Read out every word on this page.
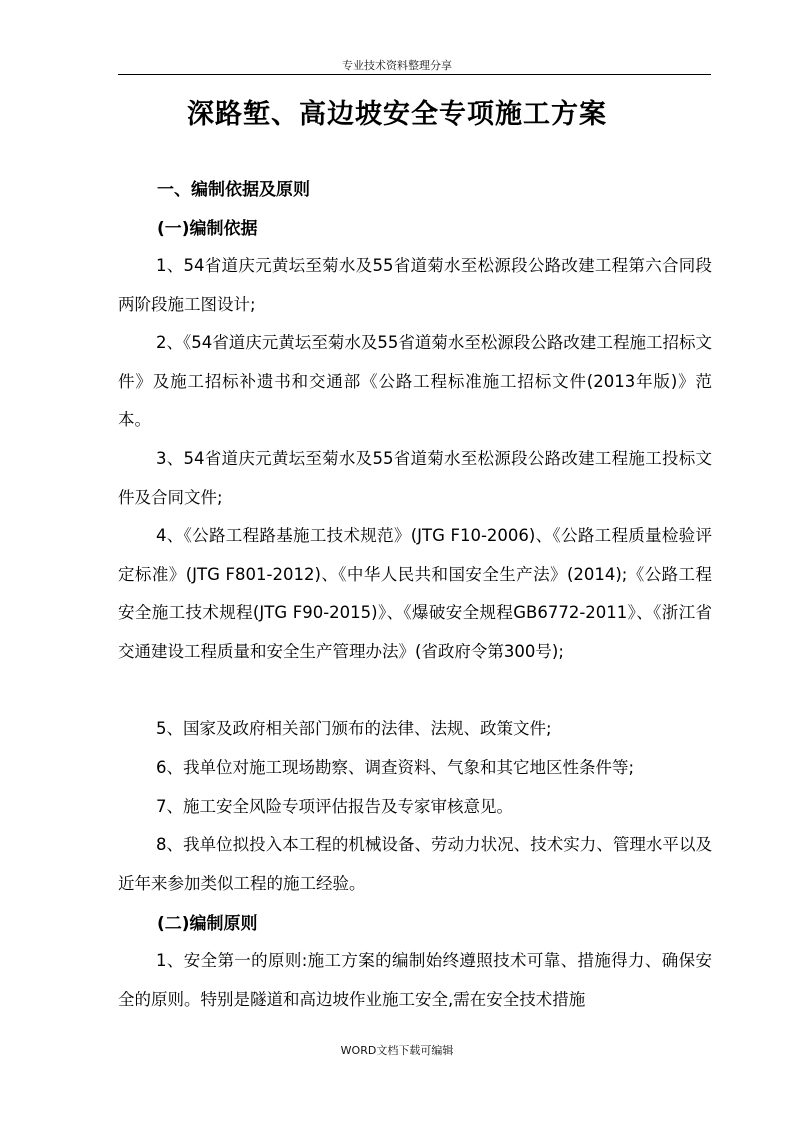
专业技术资料整理分享
深路堑、高边坡安全专项施工方案
一、编制依据及原则
(一)编制依据
1、54省道庆元黄坛至菊水及55省道菊水至松源段公路改建工程第六合同段两阶段施工图设计;
2、《54省道庆元黄坛至菊水及55省道菊水至松源段公路改建工程施工招标文件》及施工招标补遗书和交通部《公路工程标准施工招标文件(2013年版)》范本。
3、54省道庆元黄坛至菊水及55省道菊水至松源段公路改建工程施工投标文件及合同文件;
4、《公路工程路基施工技术规范》(JTG F10-2006)、《公路工程质量检验评定标准》(JTG F801-2012)、《中华人民共和国安全生产法》(2014);《公路工程安全施工技术规程(JTG F90-2015)》、《爆破安全规程GB6772-2011》、《浙江省交通建设工程质量和安全生产管理办法》(省政府令第300号);
5、国家及政府相关部门颁布的法律、法规、政策文件;
6、我单位对施工现场勘察、调查资料、气象和其它地区性条件等;
7、施工安全风险专项评估报告及专家审核意见。
8、我单位拟投入本工程的机械设备、劳动力状况、技术实力、管理水平以及近年来参加类似工程的施工经验。
(二)编制原则
1、安全第一的原则:施工方案的编制始终遵照技术可靠、措施得力、确保安全的原则。特别是隧道和高边坡作业施工安全,需在安全技术措施
WORD文档下载可编辑
